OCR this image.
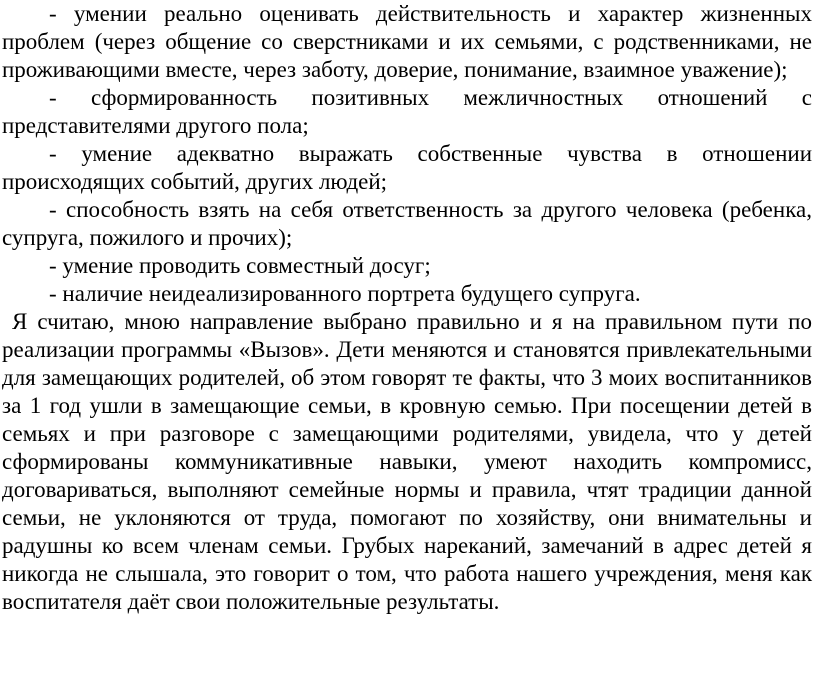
- умении реально оценивать действительность и характер жизненных проблем (через общение со сверстниками и их семьями, с родственниками, не проживающими вместе, через заботу, доверие, понимание, взаимное уважение);

- сформированность позитивных межличностных отношений с представителями другого пола;

- умение адекватно выражать собственные чувства в отношении происходящих событий, других людей;

- способность взять на себя ответственность за другого человека (ребенка, супруга, пожилого и прочих);

- умение проводить совместный досуг;

- наличие неидеализированного портрета будущего супруга.

Я считаю, мною направление выбрано правильно и я на правильном пути по реализации программы «Вызов». Дети меняются и становятся привлекательными для замещающих родителей, об этом говорят те факты, что 3 моих воспитанников за 1 год ушли в замещающие семьи, в кровную семью. При посещении детей в семьях и при разговоре с замещающими родителями, увидела, что у детей сформированы коммуникативные навыки, умеют находить компромисс, договариваться, выполняют семейные нормы и правила, чтят традиции данной семьи, не уклоняются от труда, помогают по хозяйству, они внимательны и радушны ко всем членам семьи. Грубых нареканий, замечаний в адрес детей я никогда не слышала, это говорит о том, что работа нашего учреждения, меня как воспитателя даёт свои положительные результаты.
